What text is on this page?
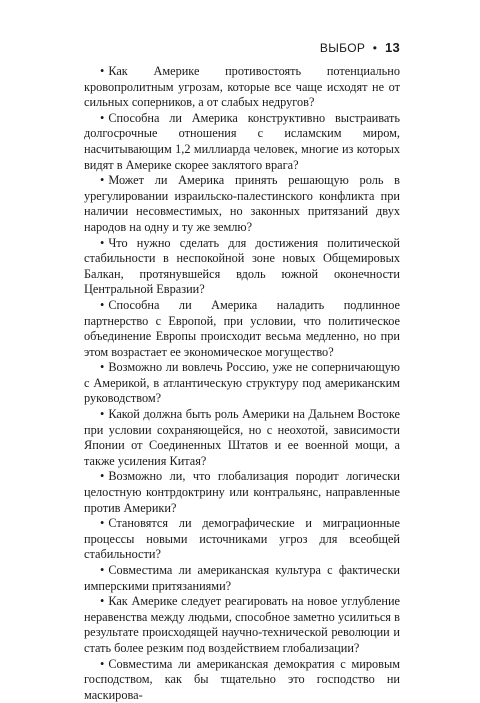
ВЫБОР • 13

• Как Америке противостоять потенциально кровопролитным угрозам, которые все чаще исходят не от сильных соперников, а от слабых недругов?

• Способна ли Америка конструктивно выстраивать долгосрочные отношения с исламским миром, насчитывающим 1,2 миллиарда человек, многие из которых видят в Америке скорее заклятого врага?

• Может ли Америка принять решающую роль в урегулировании израильско-палестинского конфликта при наличии несовместимых, но законных притязаний двух народов на одну и ту же землю?

• Что нужно сделать для достижения политической стабильности в неспокойной зоне новых Общемировых Балкан, протянувшейся вдоль южной оконечности Центральной Евразии?

• Способна ли Америка наладить подлинное партнерство с Европой, при условии, что политическое объединение Европы происходит весьма медленно, но при этом возрастает ее экономическое могущество?

• Возможно ли вовлечь Россию, уже не соперничающую с Америкой, в атлантическую структуру под американским руководством?

• Какой должна быть роль Америки на Дальнем Востоке при условии сохраняющейся, но с неохотой, зависимости Японии от Соединенных Штатов и ее военной мощи, а также усиления Китая?

• Возможно ли, что глобализация породит логически целостную контрдоктрину или контральянс, направленные против Америки?

• Становятся ли демографические и миграционные процессы новыми источниками угроз для всеобщей стабильности?

• Совместима ли американская культура с фактически имперскими притязаниями?

• Как Америке следует реагировать на новое углубление неравенства между людьми, способное заметно усилиться в результате происходящей научно-технической революции и стать более резким под воздействием глобализации?

• Совместима ли американская демократия с мировым господством, как бы тщательно это господство ни маскирова-
